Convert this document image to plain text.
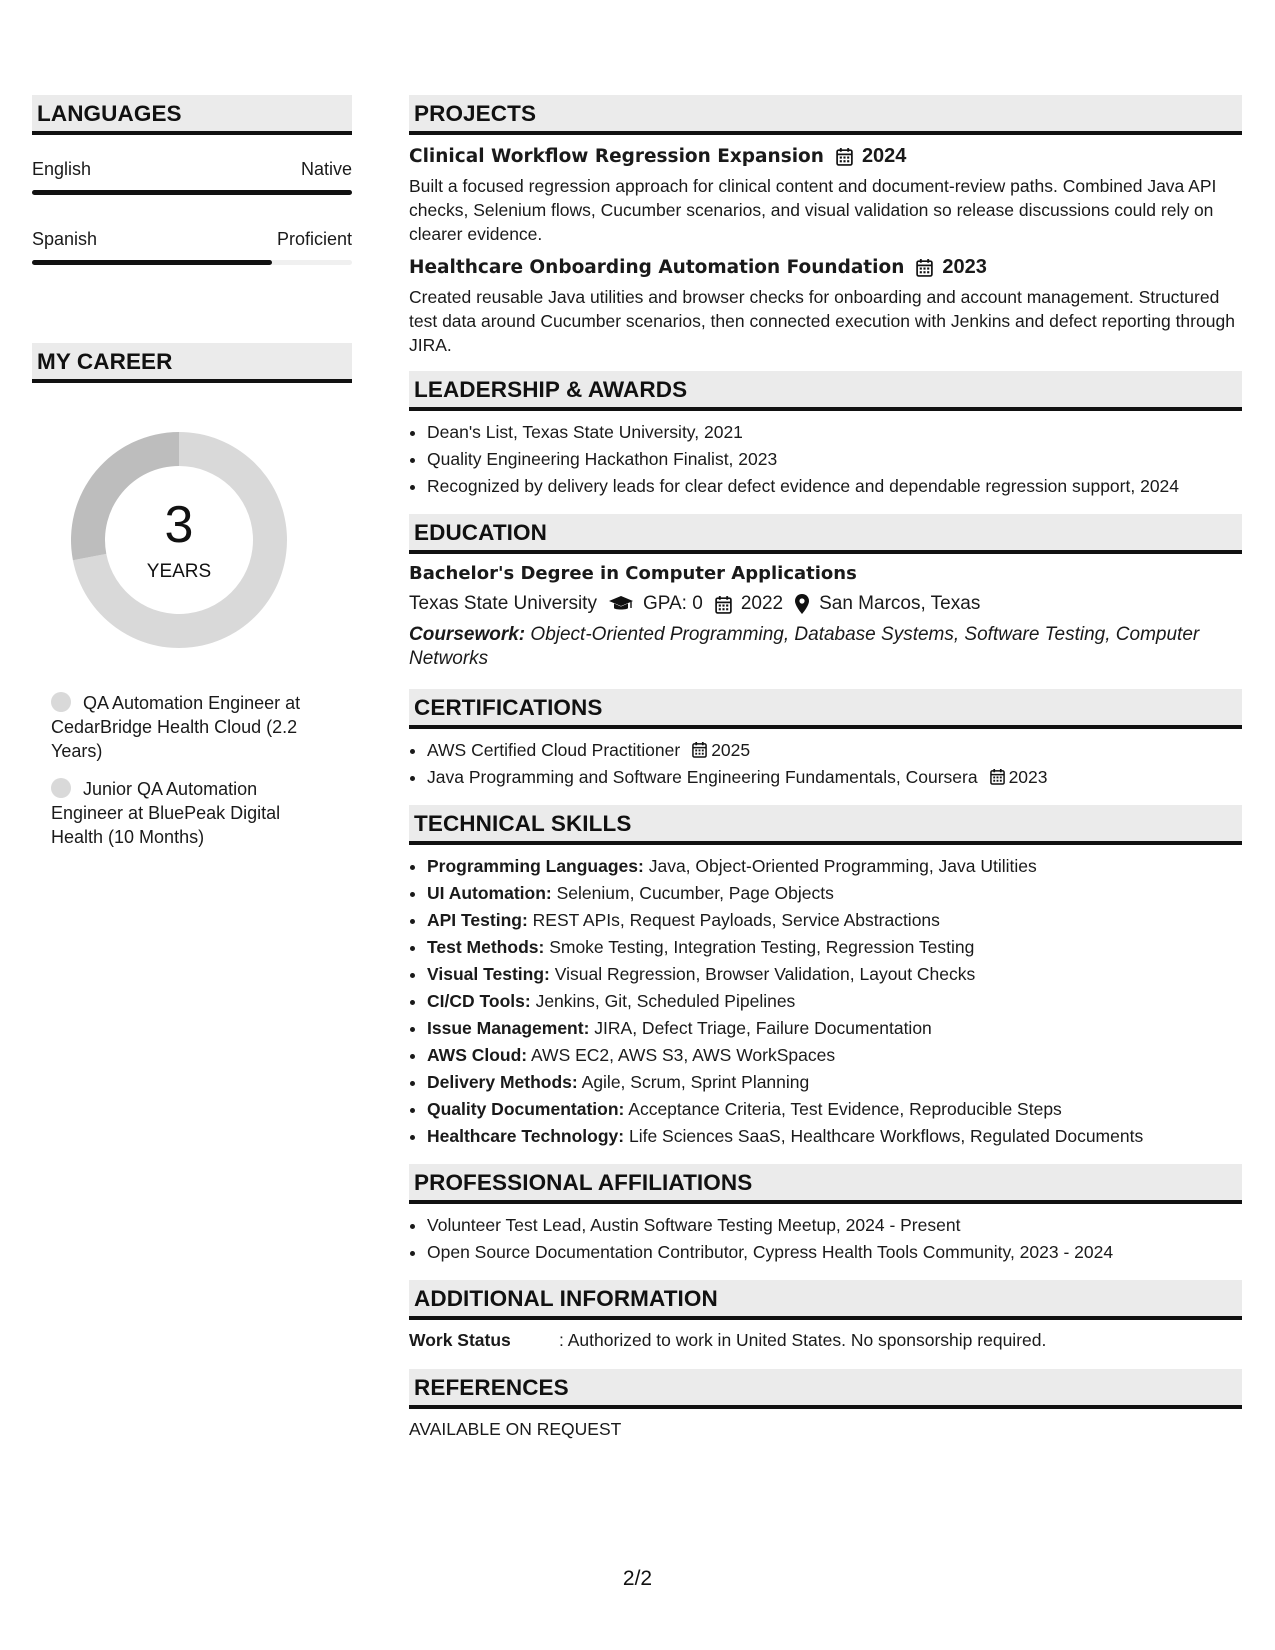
LANGUAGES
English	Native
Spanish	Proficient
MY CAREER
3
YEARS
QA Automation Engineer at CedarBridge Health Cloud (2.2 Years)
Junior QA Automation Engineer at BluePeak Digital Health (10 Months)
PROJECTS
Clinical Workflow Regression Expansion 2024
Built a focused regression approach for clinical content and document-review paths. Combined Java API checks, Selenium flows, Cucumber scenarios, and visual validation so release discussions could rely on clearer evidence.
Healthcare Onboarding Automation Foundation 2023
Created reusable Java utilities and browser checks for onboarding and account management. Structured test data around Cucumber scenarios, then connected execution with Jenkins and defect reporting through JIRA.
LEADERSHIP & AWARDS
• Dean's List, Texas State University, 2021
• Quality Engineering Hackathon Finalist, 2023
• Recognized by delivery leads for clear defect evidence and dependable regression support, 2024
EDUCATION
Bachelor's Degree in Computer Applications
Texas State University GPA: 0 2022 San Marcos, Texas
Coursework: Object-Oriented Programming, Database Systems, Software Testing, Computer Networks
CERTIFICATIONS
• AWS Certified Cloud Practitioner 2025
• Java Programming and Software Engineering Fundamentals, Coursera 2023
TECHNICAL SKILLS
• Programming Languages: Java, Object-Oriented Programming, Java Utilities
• UI Automation: Selenium, Cucumber, Page Objects
• API Testing: REST APIs, Request Payloads, Service Abstractions
• Test Methods: Smoke Testing, Integration Testing, Regression Testing
• Visual Testing: Visual Regression, Browser Validation, Layout Checks
• CI/CD Tools: Jenkins, Git, Scheduled Pipelines
• Issue Management: JIRA, Defect Triage, Failure Documentation
• AWS Cloud: AWS EC2, AWS S3, AWS WorkSpaces
• Delivery Methods: Agile, Scrum, Sprint Planning
• Quality Documentation: Acceptance Criteria, Test Evidence, Reproducible Steps
• Healthcare Technology: Life Sciences SaaS, Healthcare Workflows, Regulated Documents
PROFESSIONAL AFFILIATIONS
• Volunteer Test Lead, Austin Software Testing Meetup, 2024 - Present
• Open Source Documentation Contributor, Cypress Health Tools Community, 2023 - 2024
ADDITIONAL INFORMATION
Work Status	: Authorized to work in United States. No sponsorship required.
REFERENCES
AVAILABLE ON REQUEST
2/2
